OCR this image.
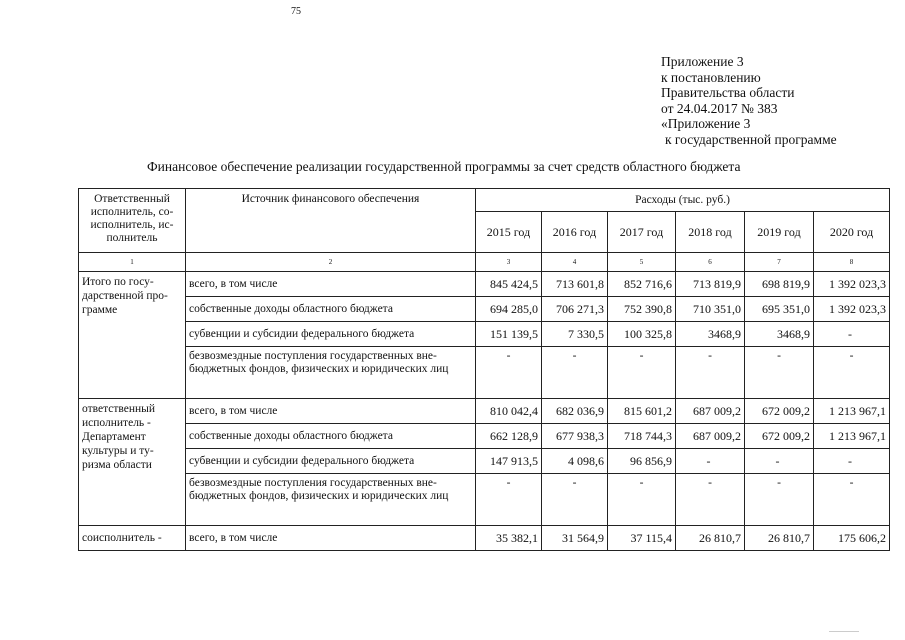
75
Приложение 3
к постановлению
Правительства области
от 24.04.2017 № 383
«Приложение 3
к государственной программе
Финансовое обеспечение реализации государственной программы за счет средств областного бюджета
Ответственный исполнитель, со-исполнитель, ис-полнитель	Источник финансового обеспечения	Расходы (тыс. руб.)					
		2015 год	2016 год	2017 год	2018 год	2019 год	2020 год
1	2	3	4	5	6	7	8
Итого по госу-дарственной про-грамме	всего, в том числе	845 424,5	713 601,8	852 716,6	713 819,9	698 819,9	1 392 023,3
	собственные доходы областного бюджета	694 285,0	706 271,3	752 390,8	710 351,0	695 351,0	1 392 023,3
	субвенции и субсидии федерального бюджета	151 139,5	7 330,5	100 325,8	3468,9	3468,9	-
	безвозмездные поступления государственных вне-бюджетных фондов, физических и юридических лиц	-	-	-	-	-	-
ответственный исполнитель - Департамент культуры и ту-ризма области	всего, в том числе	810 042,4	682 036,9	815 601,2	687 009,2	672 009,2	1 213 967,1
	собственные доходы областного бюджета	662 128,9	677 938,3	718 744,3	687 009,2	672 009,2	1 213 967,1
	субвенции и субсидии федерального бюджета	147 913,5	4 098,6	96 856,9	-	-	-
	безвозмездные поступления государственных вне-бюджетных фондов, физических и юридических лиц	-	-	-	-	-	-
соисполнитель -	всего, в том числе	35 382,1	31 564,9	37 115,4	26 810,7	26 810,7	175 606,2
